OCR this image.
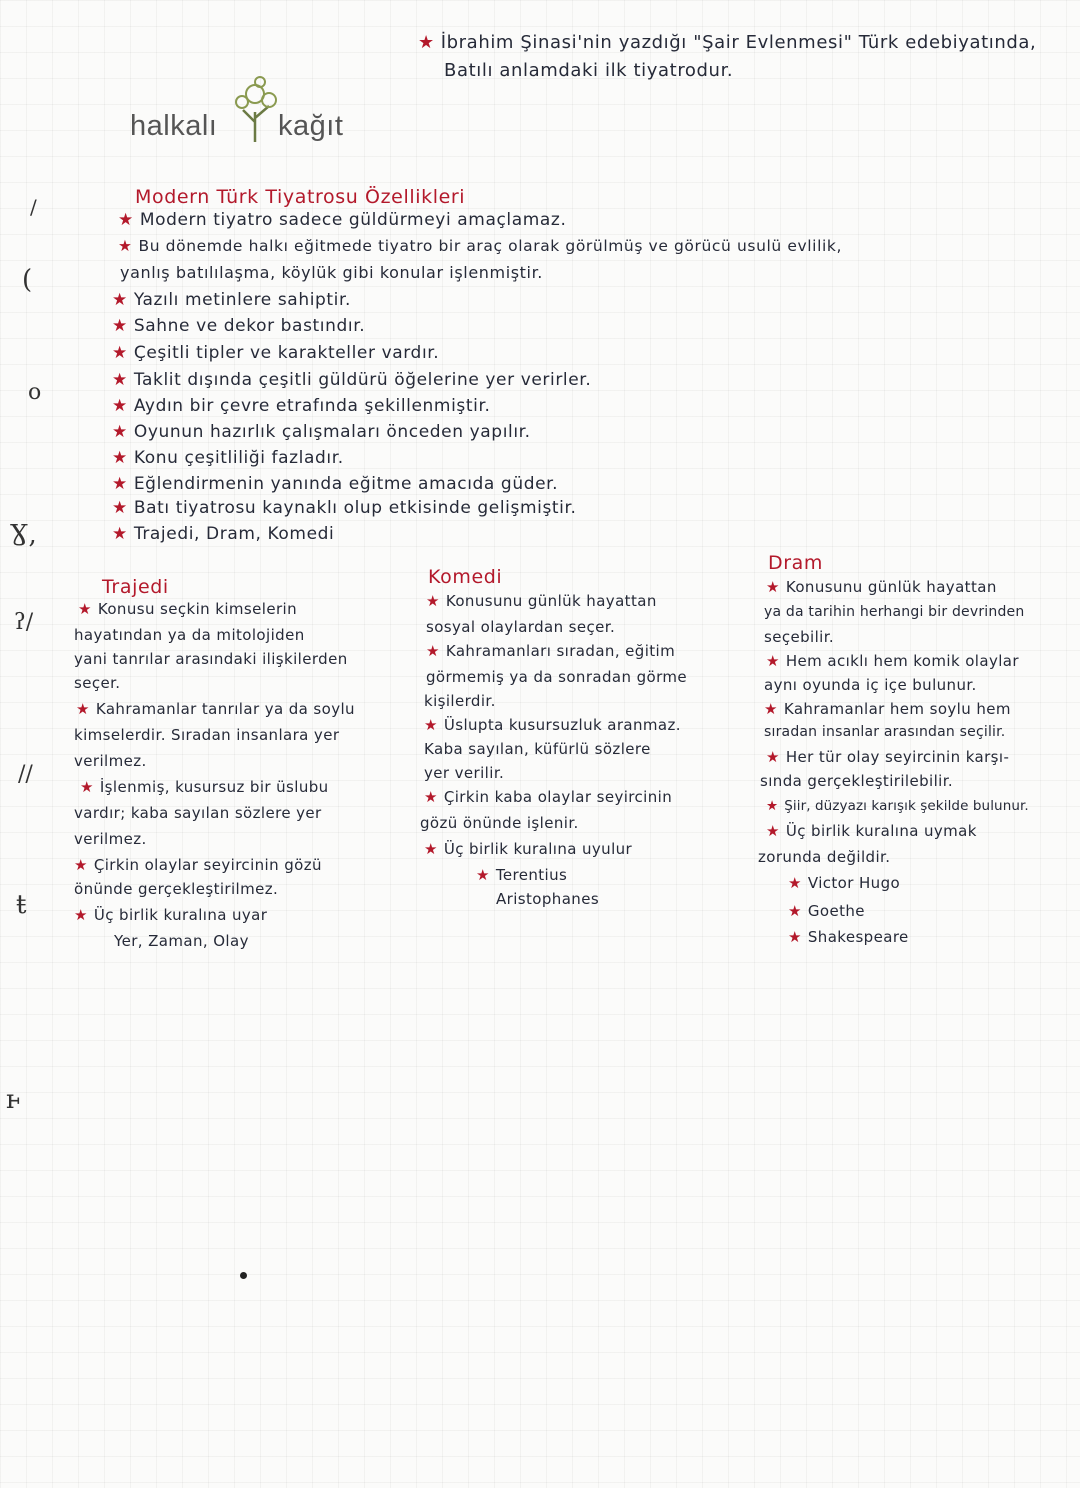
/
(
o
Ɣ,
ʔ/
//
ŧ
ⱶ
★ İbrahim Şinasi'nin yazdığı "Şair Evlenmesi" Türk edebiyatında,
Batılı anlamdaki ilk tiyatrodur.
halkalı kağıt
Modern Türk Tiyatrosu Özellikleri
★ Modern tiyatro sadece güldürmeyi amaçlamaz.
★ Bu dönemde halkı eğitmede tiyatro bir araç olarak görülmüş ve görücü usulü evlilik,
yanlış batılılaşma, köylük gibi konular işlenmiştir.
★ Yazılı metinlere sahiptir.
★ Sahne ve dekor bastındır.
★ Çeşitli tipler ve karakteller vardır.
★ Taklit dışında çeşitli güldürü öğelerine yer verirler.
★ Aydın bir çevre etrafında şekillenmiştir.
★ Oyunun hazırlık çalışmaları önceden yapılır.
★ Konu çeşitliliği fazladır.
★ Eğlendirmenin yanında eğitme amacıda güder.
★ Batı tiyatrosu kaynaklı olup etkisinde gelişmiştir.
★ Trajedi, Dram, Komedi
Trajedi
★ Konusu seçkin kimselerin
hayatından ya da mitolojiden
yani tanrılar arasındaki ilişkilerden
seçer.
★ Kahramanlar tanrılar ya da soylu
kimselerdir. Sıradan insanlara yer
verilmez.
★ İşlenmiş, kusursuz bir üslubu
vardır; kaba sayılan sözlere yer
verilmez.
★ Çirkin olaylar seyircinin gözü
önünde gerçekleştirilmez.
★ Üç birlik kuralına uyar
Yer, Zaman, Olay
Komedi
★ Konusunu günlük hayattan
sosyal olaylardan seçer.
★ Kahramanları sıradan, eğitim
görmemiş ya da sonradan görme
kişilerdir.
★ Üslupta kusursuzluk aranmaz.
Kaba sayılan, küfürlü sözlere
yer verilir.
★ Çirkin kaba olaylar seyircinin
gözü önünde işlenir.
★ Üç birlik kuralına uyulur
★ Terentius
Aristophanes
Dram
★ Konusunu günlük hayattan
ya da tarihin herhangi bir devrinden
seçebilir.
★ Hem acıklı hem komik olaylar
aynı oyunda iç içe bulunur.
★ Kahramanlar hem soylu hem
sıradan insanlar arasından seçilir.
★ Her tür olay seyircinin karşı-
sında gerçekleştirilebilir.
★ Şiir, düzyazı karışık şekilde bulunur.
★ Üç birlik kuralına uymak
zorunda değildir.
★ Victor Hugo
★ Goethe
★ Shakespeare
